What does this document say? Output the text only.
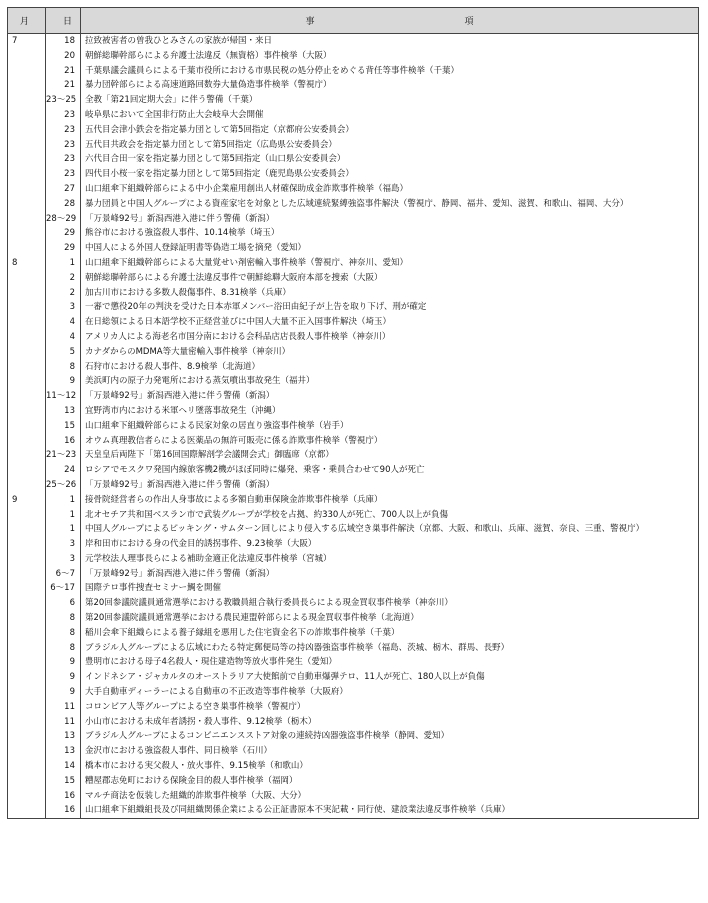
月	日	事 項
7	18	拉致被害者の曽我ひとみさんの家族が帰国・来日
	20	朝鮮総聯幹部らによる弁護士法違反（無資格）事件検挙（大阪）
	21	千葉県議会議員らによる千葉市役所における市県民税の処分停止をめぐる背任等事件検挙（千葉）
	21	暴力団幹部らによる高速道路回数券大量偽造事件検挙（警視庁）
	23～25	全教「第21回定期大会」に伴う警備（千葉）
	23	岐阜県において全国非行防止大会岐阜大会開催
	23	五代目会津小鉄会を指定暴力団として第5回指定（京都府公安委員会）
	23	五代目共政会を指定暴力団として第5回指定（広島県公安委員会）
	23	六代目合田一家を指定暴力団として第5回指定（山口県公安委員会）
	23	四代目小桜一家を指定暴力団として第5回指定（鹿児島県公安委員会）
	27	山口組傘下組織幹部らによる中小企業雇用創出人材確保助成金詐欺事件検挙（福島）
	28	暴力団員と中国人グループによる資産家宅を対象とした広域連続緊縛強盗事件解決（警視庁、静岡、福井、愛知、滋賀、和歌山、福岡、大分）
	28～29	「万景峰92号」新潟西港入港に伴う警備（新潟）
	29	熊谷市における強盗殺人事件、10.14検挙（埼玉）
	29	中国人による外国人登録証明書等偽造工場を摘発（愛知）
8	1	山口組傘下組織幹部らによる大量覚せい剤密輸入事件検挙（警視庁、神奈川、愛知）
	2	朝鮮総聯幹部らによる弁護士法違反事件で朝鮮総聯大阪府本部を捜索（大阪）
	2	加古川市における多数人殺傷事件、8.31検挙（兵庫）
	3	一審で懲役20年の判決を受けた日本赤軍メンバー浴田由紀子が上告を取り下げ、刑が確定
	4	在日総領による日本語学校不正経営並びに中国人大量不正入国事件解決（埼玉）
	4	アメリカ人による海老名市国分南における会科品店店長殺人事件検挙（神奈川）
	5	カナダからのMDMA等大量密輸入事件検挙（神奈川）
	8	石狩市における殺人事件、8.9検挙（北海道）
	9	美浜町内の原子力発電所における蒸気噴出事故発生（福井）
	11～12	「万景峰92号」新潟西港入港に伴う警備（新潟）
	13	宜野湾市内における米軍ヘリ墜落事故発生（沖縄）
	15	山口組傘下組織幹部らによる民家対象の居直り強盗事件検挙（岩手）
	16	オウム真理教信者らによる医薬品の無許可販売に係る詐欺事件検挙（警視庁）
	21～23	天皇皇后両陛下「第16回国際解剖学会議開会式」御臨席（京都）
	24	ロシアでモスクワ発国内線旅客機2機がほぼ同時に爆発、乗客・乗員合わせて90人が死亡
	25～26	「万景峰92号」新潟西港入港に伴う警備（新潟）
9	1	接骨院経営者らの作出人身事故による多額自動車保険金詐欺事件検挙（兵庫）
	1	北オセチア共和国ベスラン市で武装グループが学校を占拠、約330人が死亡、700人以上が負傷
	1	中国人グループによるピッキング・サムターン回しにより侵入する広域空き巣事件解決（京都、大阪、和歌山、兵庫、滋賀、奈良、三重、警視庁）
	3	岸和田市における身の代金目的誘拐事件、9.23検挙（大阪）
	3	元学校法人理事長らによる補助金適正化法違反事件検挙（宮城）
	6～7	「万景峰92号」新潟西港入港に伴う警備（新潟）
	6～17	国際テロ事件捜査セミナー鯛を開催
	6	第20回参議院議員通常選挙における教職員組合執行委員長らによる現金買収事件検挙（神奈川）
	8	第20回参議院議員通常選挙における農民連盟幹部らによる現金買収事件検挙（北海道）
	8	稲川会傘下組織らによる養子縁組を悪用した住宅資金名下の詐欺事件検挙（千葉）
	8	ブラジル人グループによる広域にわたる特定郵便局等の持凶器強盗事件検挙（福島、茨城、栃木、群馬、長野）
	9	豊明市における母子4名殺人・現住建造物等放火事件発生（愛知）
	9	インドネシア・ジャカルタのオーストラリア大使館前で自動車爆弾テロ、11人が死亡、180人以上が負傷
	9	大手自動車ディーラーによる自動車の不正改造等事件検挙（大阪府）
	11	コロンビア人等グループによる空き巣事件検挙（警視庁）
	11	小山市における未成年者誘拐・殺人事件、9.12検挙（栃木）
	13	ブラジル人グループによるコンビニエンスストア対象の連続持凶器強盗事件検挙（静岡、愛知）
	13	金沢市における強盗殺人事件、同日検挙（石川）
	14	橋本市における実父殺人・放火事件、9.15検挙（和歌山）
	15	糟屋郡志免町における保険金目的殺人事件検挙（福岡）
	16	マルチ商法を仮装した組織的詐欺事件検挙（大阪、大分）
	16	山口組傘下組織組長及び同組織関係企業による公正証書原本不実記載・同行使、建設業法違反事件検挙（兵庫）
